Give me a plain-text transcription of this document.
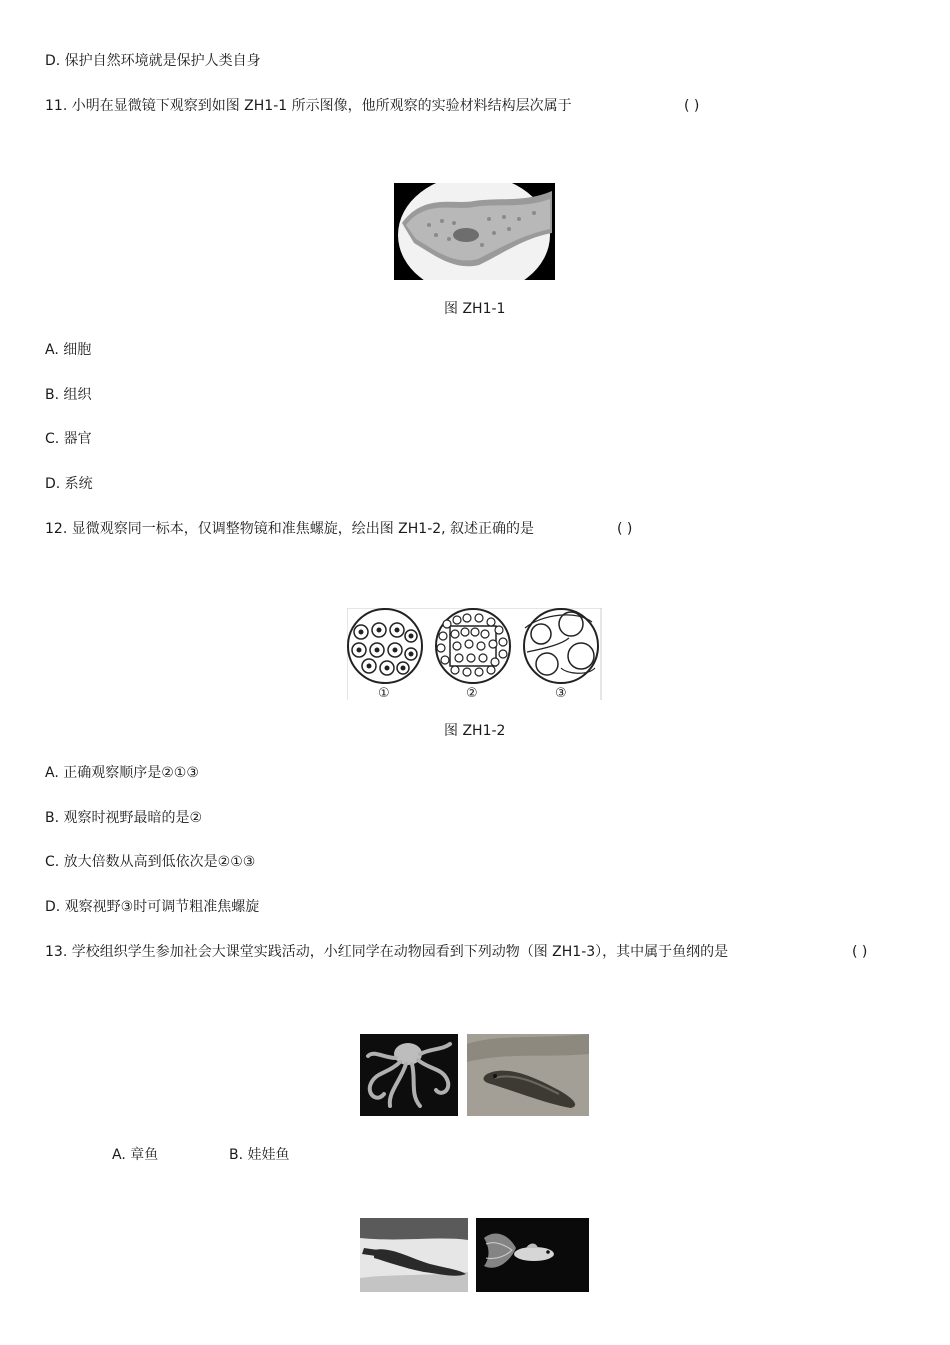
D. 保护自然环境就是保护人类自身
11. 小明在显微镜下观察到如图 ZH1-1 所示图像，他所观察的实验材料结构层次属于	( )
图 ZH1-1
A. 细胞
B. 组织
C. 器官
D. 系统
12. 显微观察同一标本，仅调整物镜和准焦螺旋，绘出图 ZH1-2, 叙述正确的是	( )
①	②	③
图 ZH1-2
A. 正确观察顺序是②①③
B. 观察时视野最暗的是②
C. 放大倍数从高到低依次是②①③
D. 观察视野③时可调节粗准焦螺旋
13. 学校组织学生参加社会大课堂实践活动，小红同学在动物园看到下列动物（图 ZH1-3），其中属于鱼纲的是	( )
A. 章鱼	B. 娃娃鱼
